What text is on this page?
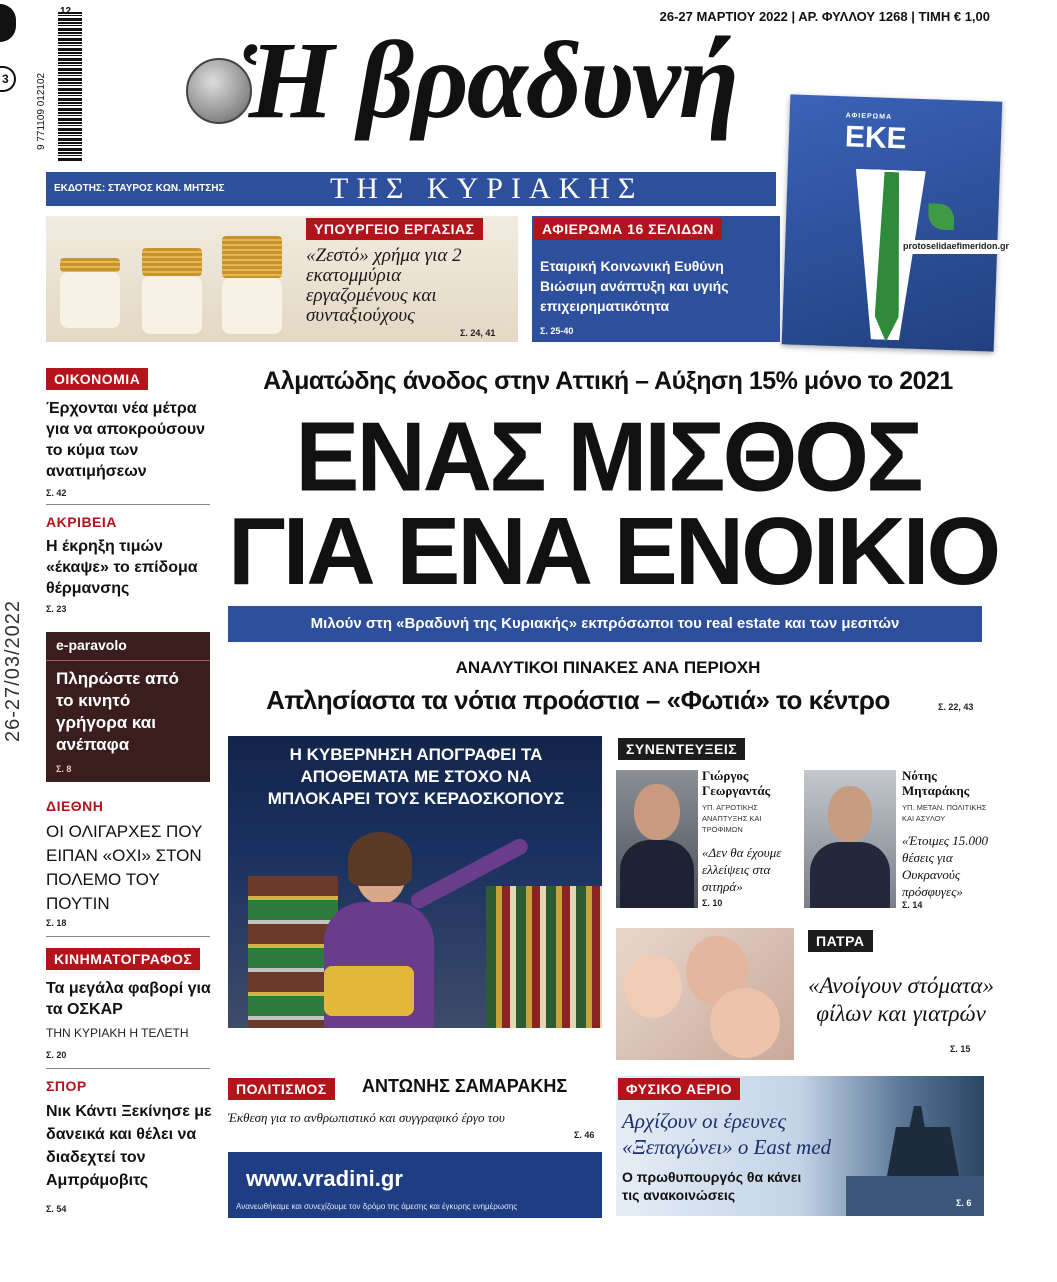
3	9 771109 012102
12
26-27/03/2022
26-27 ΜΑΡΤΙΟΥ 2022 | ΑΡ. ΦΥΛΛΟΥ 1268 | ΤΙΜΗ € 1,00
Ἡ βραδυνή
ΕΚΔΟΤΗΣ: ΣΤΑΥΡΟΣ ΚΩΝ. ΜΗΤΣΗΣ	ΤΗΣ ΚΥΡΙΑΚΗΣ
ΑΦΙΕΡΩΜΑ
ΕΚΕ
protoselidaefimeridon.gr
ΥΠΟΥΡΓΕΙΟ ΕΡΓΑΣΙΑΣ
«Ζεστό» χρήμα για 2 εκατομμύρια εργαζομένους και συνταξιούχους
Σ. 24, 41
ΑΦΙΕΡΩΜΑ 16 ΣΕΛΙΔΩΝ
Εταιρική Κοινωνική Ευθύνη Βιώσιμη ανάπτυξη και υγιής επιχειρηματικότητα
Σ. 25-40
ΟΙΚΟΝΟΜΙΑ
Έρχονται νέα μέτρα για να αποκρούσουν το κύμα των ανατιμήσεων
Σ. 42
ΑΚΡΙΒΕΙΑ
Η έκρηξη τιμών «έκαψε» το επίδομα θέρμανσης
Σ. 23
e-paravolo
Πληρώστε από το κινητό γρήγορα και ανέπαφα
Σ. 8
ΔΙΕΘΝΗ
ΟΙ ΟΛΙΓΑΡΧΕΣ ΠΟΥ ΕΙΠΑΝ «ΟΧΙ» ΣΤΟΝ ΠΟΛΕΜΟ ΤΟΥ ΠΟΥΤΙΝ
Σ. 18
ΚΙΝΗΜΑΤΟΓΡΑΦΟΣ
Τα μεγάλα φαβορί για τα ΟΣΚΑΡ
ΤΗΝ ΚΥΡΙΑΚΗ Η ΤΕΛΕΤΗ
Σ. 20
ΣΠΟΡ
Νικ Κάντι Ξεκίνησε με δανεικά και θέλει να διαδεχτεί τον Αμπράμοβιτς
Σ. 54
Αλματώδης άνοδος στην Αττική – Αύξηση 15% μόνο το 2021
ΕΝΑΣ ΜΙΣΘΟΣ
ΓΙΑ ΕΝΑ ΕΝΟΙΚΙΟ
Μιλούν στη «Βραδυνή της Κυριακής» εκπρόσωποι του real estate και των μεσιτών
ΑΝΑΛΥΤΙΚΟΙ ΠΙΝΑΚΕΣ ΑΝΑ ΠΕΡΙΟΧΗ
Απλησίαστα τα νότια προάστια – «Φωτιά» το κέντρο	Σ. 22, 43
Η ΚΥΒΕΡΝΗΣΗ ΑΠΟΓΡΑΦΕΙ ΤΑ ΑΠΟΘΕΜΑΤΑ ΜΕ ΣΤΟΧΟ ΝΑ ΜΠΛΟΚΑΡΕΙ ΤΟΥΣ ΚΕΡΔΟΣΚΟΠΟΥΣ
ΣΥΝΕΝΤΕΥΞΕΙΣ
Γιώργος Γεωργαντάς
ΥΠ. ΑΓΡΟΤΙΚΗΣ ΑΝΑΠΤΥΞΗΣ ΚΑΙ ΤΡΟΦΙΜΩΝ
«Δεν θα έχουμε ελλείψεις στα σιτηρά»
Σ. 10
Νότης Μηταράκης
ΥΠ. ΜΕΤΑΝ. ΠΟΛΙΤΙΚΗΣ ΚΑΙ ΑΣΥΛΟΥ
«Έτοιμες 15.000 θέσεις για Ουκρανούς πρόσφυγες»
Σ. 14
ΠΑΤΡΑ
«Ανοίγουν στόματα» φίλων και γιατρών
Σ. 15
ΠΟΛΙΤΙΣΜΟΣ	ΑΝΤΩΝΗΣ ΣΑΜΑΡΑΚΗΣ
Έκθεση για το ανθρωπιστικό και συγγραφικό έργο του
Σ. 46
www.vradini.gr
Ανανεωθήκαμε και συνεχίζουμε τον δρόμο της άμεσης και έγκυρης ενημέρωσης
ΦΥΣΙΚΟ ΑΕΡΙΟ
Αρχίζουν οι έρευνες «Ξεπαγώνει» ο East med
Ο πρωθυπουργός θα κάνει τις ανακοινώσεις	Σ. 6
